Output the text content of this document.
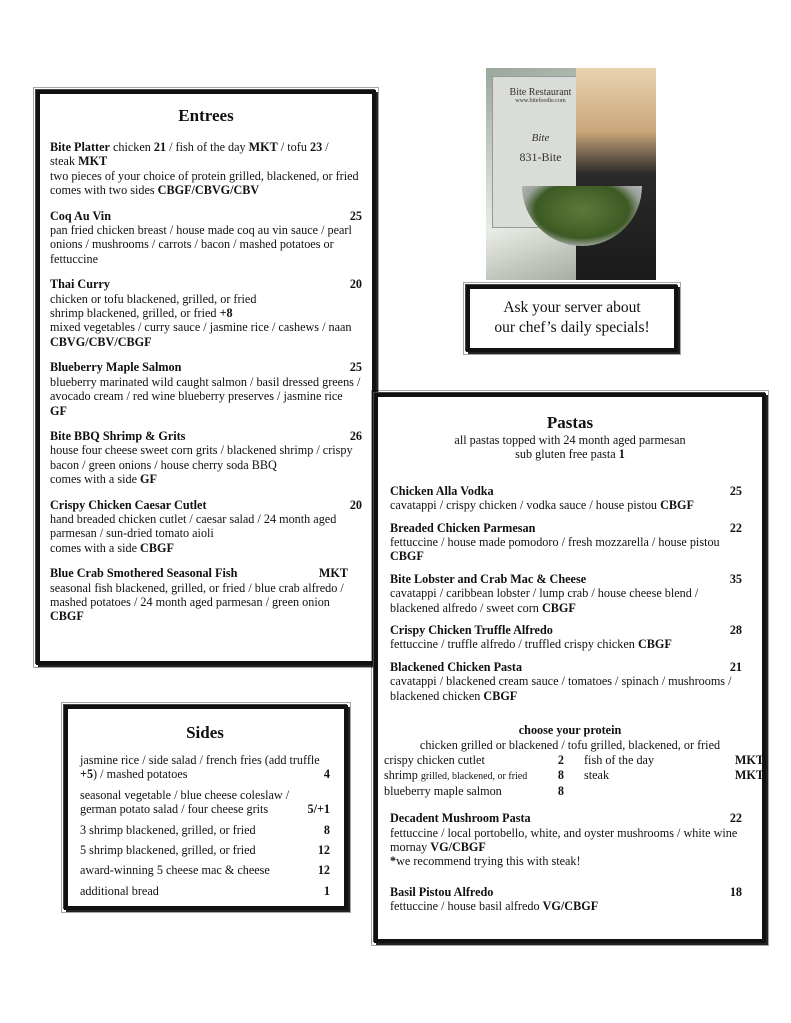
Entrees
Bite Platter chicken 21 / fish of the day MKT / tofu 23 /
steak MKT
two pieces of your choice of protein grilled, blackened, or fried
comes with two sides CBGF/CBVG/CBV
Coq Au Vin	25
pan fried chicken breast / house made coq au vin sauce / pearl onions / mushrooms / carrots / bacon / mashed potatoes or fettuccine
Thai Curry	20
chicken or tofu blackened, grilled, or fried
shrimp blackened, grilled, or fried +8
mixed vegetables / curry sauce / jasmine rice / cashews / naan CBVG/CBV/CBGF
Blueberry Maple Salmon	25
blueberry marinated wild caught salmon / basil dressed greens / avocado cream / red wine blueberry preserves / jasmine rice GF
Bite BBQ Shrimp & Grits	26
house four cheese sweet corn grits / blackened shrimp / crispy bacon / green onions / house cherry soda BBQ
comes with a side GF
Crispy Chicken Caesar Cutlet	20
hand breaded chicken cutlet / caesar salad / 24 month aged parmesan / sun-dried tomato aioli
comes with a side CBGF
Blue Crab Smothered Seasonal Fish	MKT
seasonal fish blackened, grilled, or fried / blue crab alfredo / mashed potatoes / 24 month aged parmesan / green onion
CBGF
Bite Restaurant
www.bitefoodie.com
Bite
831-Bite
Ask your server about
our chef’s daily specials!
Pastas
all pastas topped with 24 month aged parmesan
sub gluten free pasta 1
Chicken Alla Vodka	25
cavatappi / crispy chicken / vodka sauce / house pistou CBGF
Breaded Chicken Parmesan	22
fettuccine / house made pomodoro / fresh mozzarella / house pistou CBGF
Bite Lobster and Crab Mac & Cheese	35
cavatappi / caribbean lobster / lump crab / house cheese blend / blackened alfredo / sweet corn CBGF
Crispy Chicken Truffle Alfredo	28
fettuccine / truffle alfredo / truffled crispy chicken CBGF
Blackened Chicken Pasta	21
cavatappi / blackened cream sauce / tomatoes / spinach / mushrooms / blackened chicken CBGF
choose your protein
chicken grilled or blackened / tofu grilled, blackened, or fried
crispy chicken cutlet	2 fish of the day	MKT
shrimp grilled, blackened, or fried	8 steak	MKT
blueberry maple salmon	8
Decadent Mushroom Pasta	22
fettuccine / local portobello, white, and oyster mushrooms / white wine mornay VG/CBGF
*we recommend trying this with steak!
Basil Pistou Alfredo	18
fettuccine / house basil alfredo VG/CBGF
Sides
jasmine rice / side salad / french fries (add truffle +5) / mashed potatoes	4
seasonal vegetable / blue cheese coleslaw / german potato salad / four cheese grits	5/+1
3 shrimp blackened, grilled, or fried	8
5 shrimp blackened, grilled, or fried	12
award-winning 5 cheese mac & cheese	12
additional bread	1
